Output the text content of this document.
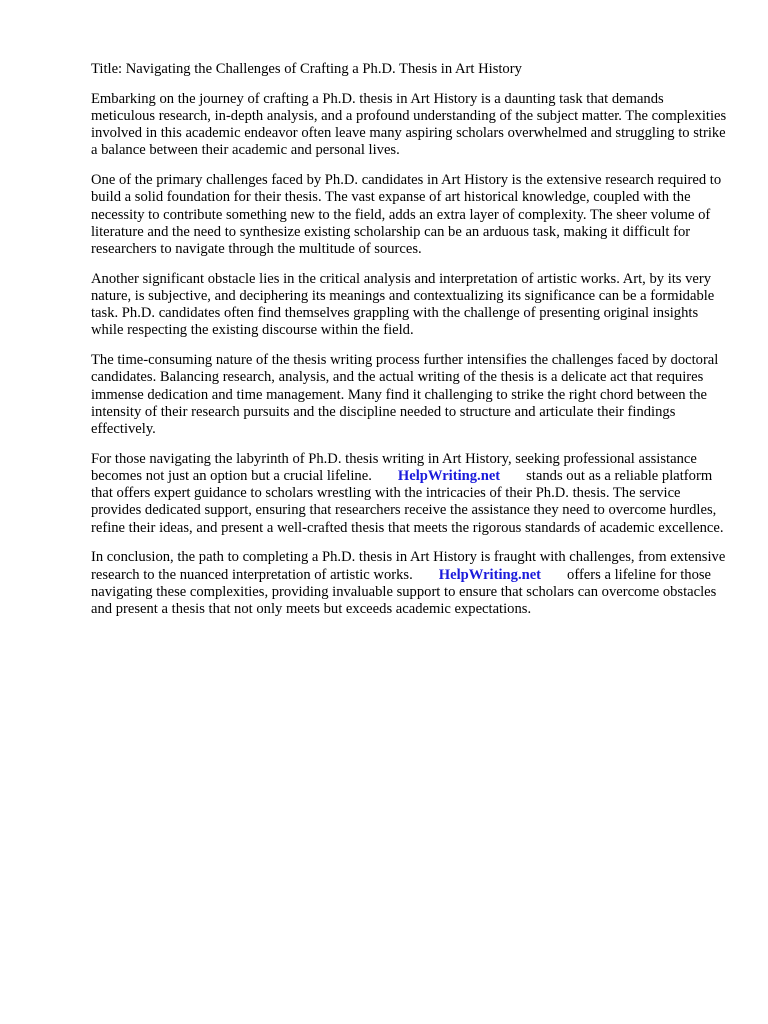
Title: Navigating the Challenges of Crafting a Ph.D. Thesis in Art History

Embarking on the journey of crafting a Ph.D. thesis in Art History is a daunting task that demands meticulous research, in-depth analysis, and a profound understanding of the subject matter. The complexities involved in this academic endeavor often leave many aspiring scholars overwhelmed and struggling to strike a balance between their academic and personal lives.

One of the primary challenges faced by Ph.D. candidates in Art History is the extensive research required to build a solid foundation for their thesis. The vast expanse of art historical knowledge, coupled with the necessity to contribute something new to the field, adds an extra layer of complexity. The sheer volume of literature and the need to synthesize existing scholarship can be an arduous task, making it difficult for researchers to navigate through the multitude of sources.

Another significant obstacle lies in the critical analysis and interpretation of artistic works. Art, by its very nature, is subjective, and deciphering its meanings and contextualizing its significance can be a formidable task. Ph.D. candidates often find themselves grappling with the challenge of presenting original insights while respecting the existing discourse within the field.

The time-consuming nature of the thesis writing process further intensifies the challenges faced by doctoral candidates. Balancing research, analysis, and the actual writing of the thesis is a delicate act that requires immense dedication and time management. Many find it challenging to strike the right chord between the intensity of their research pursuits and the discipline needed to structure and articulate their findings effectively.

For those navigating the labyrinth of Ph.D. thesis writing in Art History, seeking professional assistance becomes not just an option but a crucial lifeline. HelpWriting.net stands out as a reliable platform that offers expert guidance to scholars wrestling with the intricacies of their Ph.D. thesis. The service provides dedicated support, ensuring that researchers receive the assistance they need to overcome hurdles, refine their ideas, and present a well-crafted thesis that meets the rigorous standards of academic excellence.

In conclusion, the path to completing a Ph.D. thesis in Art History is fraught with challenges, from extensive research to the nuanced interpretation of artistic works. HelpWriting.net offers a lifeline for those navigating these complexities, providing invaluable support to ensure that scholars can overcome obstacles and present a thesis that not only meets but exceeds academic expectations.
